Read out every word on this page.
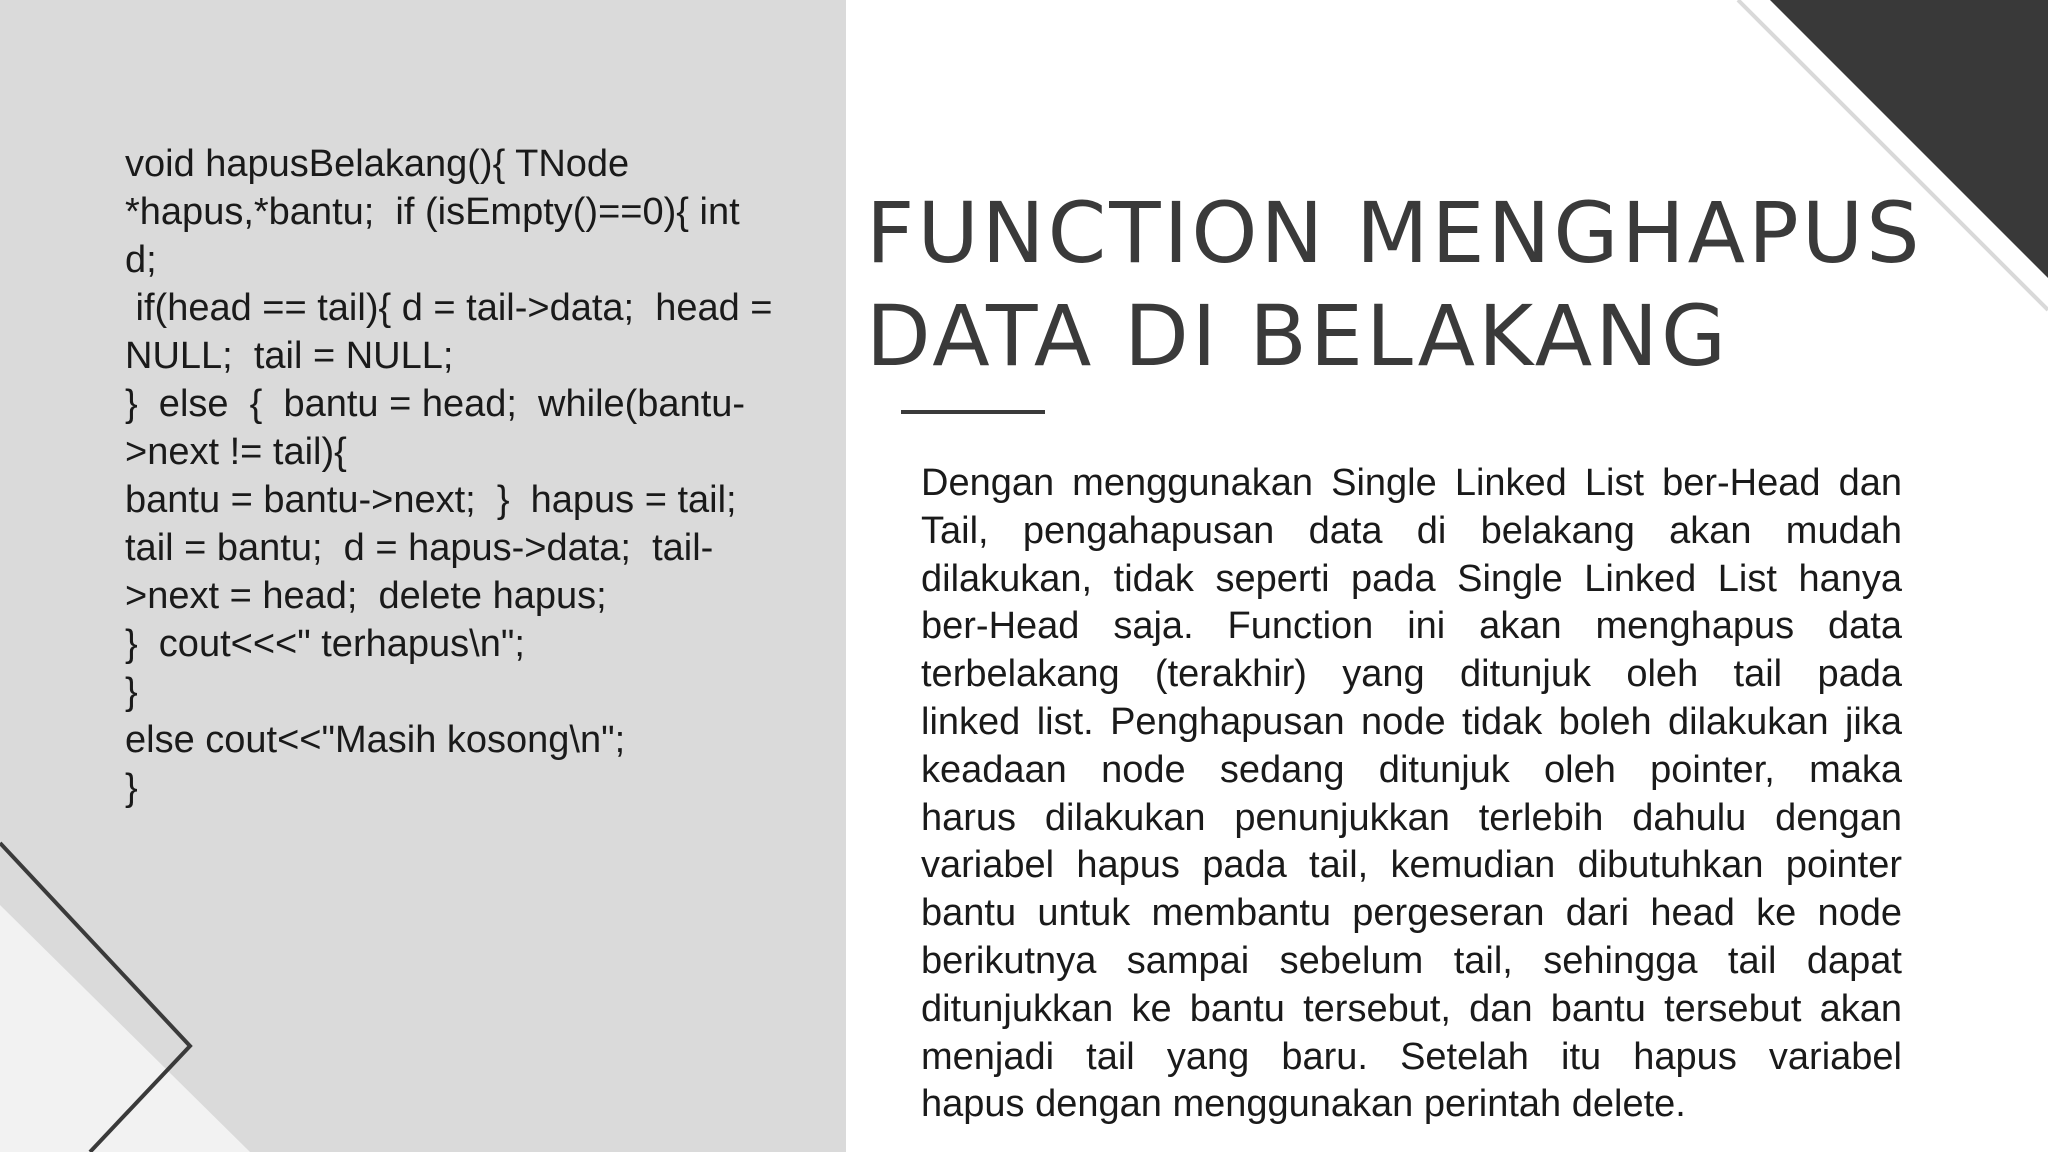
void hapusBelakang(){ TNode
*hapus,*bantu;  if (isEmpty()==0){ int
d;
if(head == tail){ d = tail->data;  head =
NULL;  tail = NULL;
}  else  {  bantu = head;  while(bantu-
>next != tail){
bantu = bantu->next;  }  hapus = tail;
tail = bantu;  d = hapus->data;  tail-
>next = head;  delete hapus;
}  cout<<<" terhapus\n";
}
else cout<<"Masih kosong\n";
}
FUNCTION MENGHAPUS
DATA DI BELAKANG
Dengan menggunakan Single Linked List ber-Head dan
Tail, pengahapusan data di belakang akan mudah
dilakukan, tidak seperti pada Single Linked List hanya
ber-Head saja. Function ini akan menghapus data
terbelakang (terakhir) yang ditunjuk oleh tail pada
linked list. Penghapusan node tidak boleh dilakukan jika
keadaan node sedang ditunjuk oleh pointer, maka
harus dilakukan penunjukkan terlebih dahulu dengan
variabel hapus pada tail, kemudian dibutuhkan pointer
bantu untuk membantu pergeseran dari head ke node
berikutnya sampai sebelum tail, sehingga tail dapat
ditunjukkan ke bantu tersebut, dan bantu tersebut akan
menjadi tail yang baru. Setelah itu hapus variabel
hapus dengan menggunakan perintah delete.
